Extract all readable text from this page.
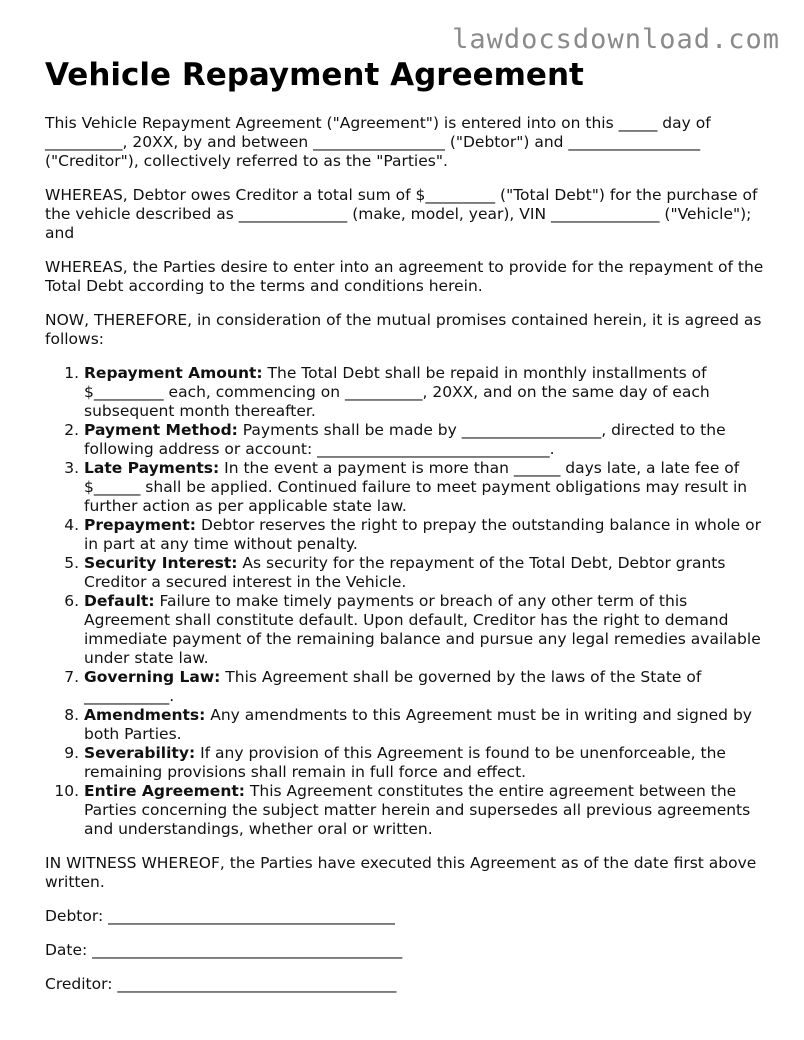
lawdocsdownload.com
Vehicle Repayment Agreement

This Vehicle Repayment Agreement ("Agreement") is entered into on this _____ day of __________, 20XX, by and between _________________ ("Debtor") and _________________ ("Creditor"), collectively referred to as the "Parties".

WHEREAS, Debtor owes Creditor a total sum of $_________ ("Total Debt") for the purchase of the vehicle described as ______________ (make, model, year), VIN ______________ ("Vehicle"); and

WHEREAS, the Parties desire to enter into an agreement to provide for the repayment of the Total Debt according to the terms and conditions herein.

NOW, THEREFORE, in consideration of the mutual promises contained herein, it is agreed as follows:

1. Repayment Amount: The Total Debt shall be repaid in monthly installments of $_________ each, commencing on __________, 20XX, and on the same day of each subsequent month thereafter.
2. Payment Method: Payments shall be made by __________________, directed to the following address or account: ______________________________.
3. Late Payments: In the event a payment is more than ______ days late, a late fee of $______ shall be applied. Continued failure to meet payment obligations may result in further action as per applicable state law.
4. Prepayment: Debtor reserves the right to prepay the outstanding balance in whole or in part at any time without penalty.
5. Security Interest: As security for the repayment of the Total Debt, Debtor grants Creditor a secured interest in the Vehicle.
6. Default: Failure to make timely payments or breach of any other term of this Agreement shall constitute default. Upon default, Creditor has the right to demand immediate payment of the remaining balance and pursue any legal remedies available under state law.
7. Governing Law: This Agreement shall be governed by the laws of the State of ___________.
8. Amendments: Any amendments to this Agreement must be in writing and signed by both Parties.
9. Severability: If any provision of this Agreement is found to be unenforceable, the remaining provisions shall remain in full force and effect.
10. Entire Agreement: This Agreement constitutes the entire agreement between the Parties concerning the subject matter herein and supersedes all previous agreements and understandings, whether oral or written.

IN WITNESS WHEREOF, the Parties have executed this Agreement as of the date first above written.

Debtor: _____________________________________
Date: ________________________________________
Creditor: ____________________________________
